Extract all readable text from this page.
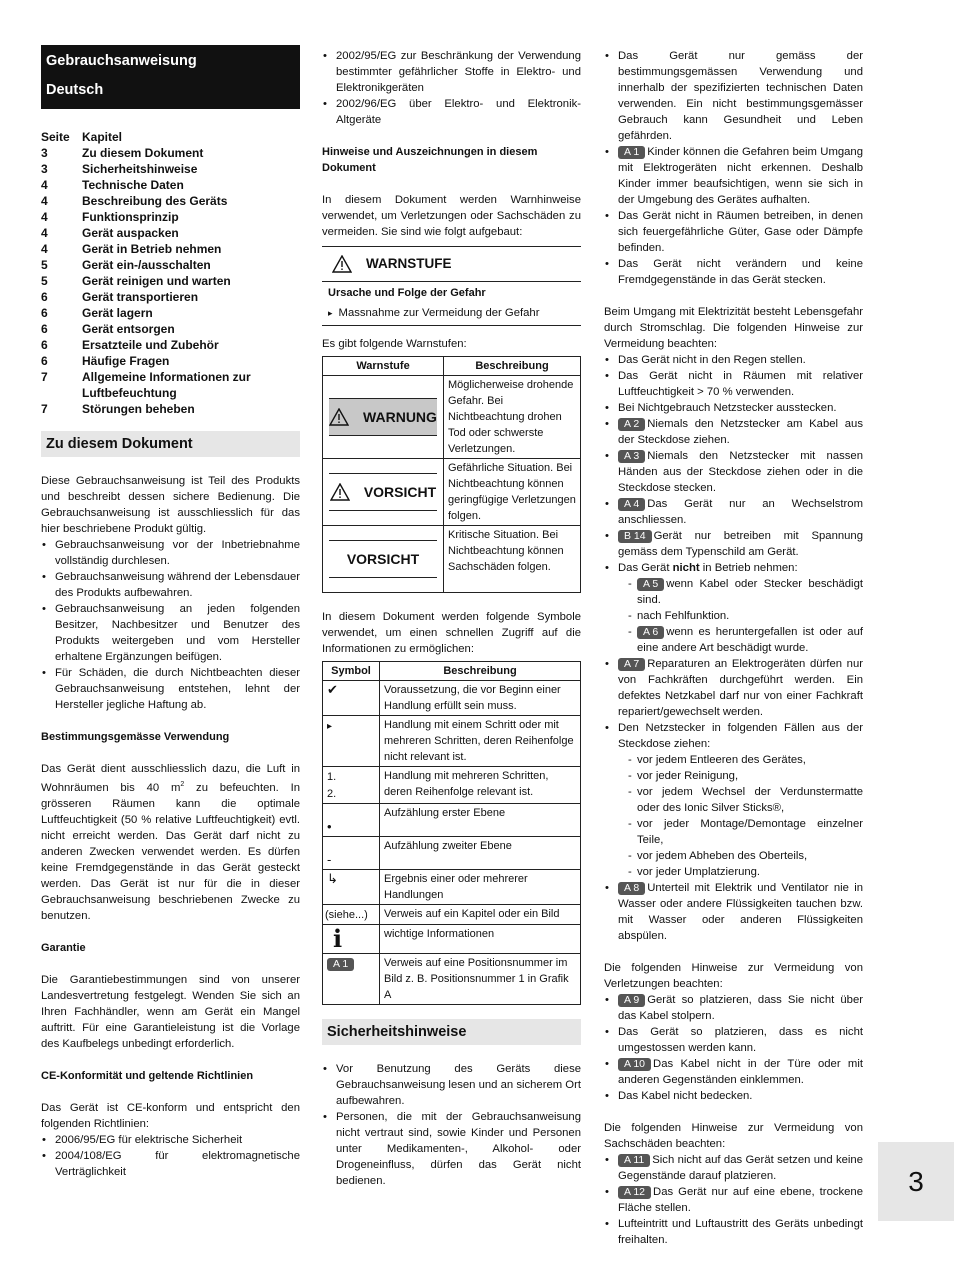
Gebrauchsanweisung
Deutsch
Seite	Kapitel
3	Zu diesem Dokument
3	Sicherheitshinweise
4	Technische Daten
4	Beschreibung des Geräts
4	Funktionsprinzip
4	Gerät auspacken
4	Gerät in Betrieb nehmen
5	Gerät ein-/ausschalten
5	Gerät reinigen und warten
6	Gerät transportieren
6	Gerät lagern
6	Gerät entsorgen
6	Ersatzteile und Zubehör
6	Häufige Fragen
7	Allgemeine Informationen zur Luftbefeuchtung
7	Störungen beheben
Zu diesem Dokument

Diese Gebrauchsanweisung ist Teil des Produkts und beschreibt dessen sichere Bedienung. Die Gebrauchsanweisung ist ausschliesslich für das hier beschriebene Produkt gültig.

• Gebrauchsanweisung vor der Inbetriebnahme vollständig durchlesen.
• Gebrauchsanweisung während der Lebensdauer des Produkts aufbewahren.
• Gebrauchsanweisung an jeden folgenden Besitzer, Nachbesitzer und Benutzer des Produkts weitergeben und vom Hersteller erhaltene Ergänzungen beifügen.
• Für Schäden, die durch Nichtbeachten dieser Gebrauchsanweisung entstehen, lehnt der Hersteller jegliche Haftung ab.

Bestimmungsgemässe Verwendung

Das Gerät dient ausschliesslich dazu, die Luft in Wohnräumen bis 40 $m^2$ zu befeuchten. In grösseren Räumen kann die optimale Luftfeuchtigkeit (50 % relative Luftfeuchtigkeit) evtl. nicht erreicht werden. Das Gerät darf nicht zu anderen Zwecken verwendet werden. Es dürfen keine Fremdgegenstände in das Gerät gesteckt werden. Das Gerät ist nur für die in dieser Gebrauchsanweisung beschriebenen Zwecke zu benutzen.

Garantie

Die Garantiebestimmungen sind von unserer Landesvertretung festgelegt. Wenden Sie sich an Ihren Fachhändler, wenn am Gerät ein Mangel auftritt. Für eine Garantieleistung ist die Vorlage des Kaufbelegs unbedingt erforderlich.

CE-Konformität und geltende Richtlinien

Das Gerät ist CE-konform und entspricht den folgenden Richtlinien:

• 2006/95/EG für elektrische Sicherheit
• 2004/108/EG für elektromagnetische Verträglichkeit
• 2002/95/EG zur Beschränkung der Verwendung bestimmter gefährlicher Stoffe in Elektro- und Elektronikgeräten
• 2002/96/EG über Elektro- und Elektronik-Altgeräte

Hinweise und Auszeichnungen in diesem Dokument

In diesem Dokument werden Warnhinweise verwendet, um Verletzungen oder Sachschäden zu vermeiden. Sie sind wie folgt aufgebaut:

WARNSTUFE
Ursache und Folge der Gefahr
▸ Massnahme zur Vermeidung der Gefahr

Es gibt folgende Warnstufen:

Warnstufe	Beschreibung

WARNUNG	Möglicherweise drohende Gefahr. Bei Nichtbeachtung drohen Tod oder schwerste Verletzungen.

VORSICHT	Gefährliche Situation. Bei Nichtbeachtung können geringfügige Verletzungen folgen.

VORSICHT	Kritische Situation. Bei Nichtbeachtung können Sachschäden folgen.

In diesem Dokument werden folgende Symbole verwendet, um einen schnellen Zugriff auf die Informationen zu ermöglichen:

Symbol	Beschreibung
✔	Voraussetzung, die vor Beginn einer Handlung erfüllt sein muss.
▸	Handlung mit einem Schritt oder mit mehreren Schritten, deren Reihenfolge nicht relevant ist.
1.
2.	Handlung mit mehreren Schritten, deren Reihenfolge relevant ist.

•	Aufzählung erster Ebene

-	Aufzählung zweiter Ebene
↳	Ergebnis einer oder mehrerer Handlungen
(siehe...)	Verweis auf ein Kapitel oder ein Bild
i	wichtige Informationen
A 1	Verweis auf eine Positionsnummer im Bild z. B. Positionsnummer 1 in Grafik A
Sicherheitshinweise
• Vor Benutzung des Geräts diese Gebrauchsanweisung lesen und an sicherem Ort aufbewahren.
• Personen, die mit der Gebrauchsanweisung nicht vertraut sind, sowie Kinder und Personen unter Medikamenten-, Alkohol- oder Drogeneinfluss, dürfen das Gerät nicht bedienen.
• Das Gerät nur gemäss der bestimmungsgemässen Verwendung und innerhalb der spezifizierten technischen Daten verwenden. Ein nicht bestimmungsgemässer Gebrauch kann Gesundheit und Leben gefährden.
• A 1 Kinder können die Gefahren beim Umgang mit Elektrogeräten nicht erkennen. Deshalb Kinder immer beaufsichtigen, wenn sie sich in der Umgebung des Gerätes aufhalten.
• Das Gerät nicht in Räumen betreiben, in denen sich feuergefährliche Güter, Gase oder Dämpfe befinden.
• Das Gerät nicht verändern und keine Fremdgegenstände in das Gerät stecken.

Beim Umgang mit Elektrizität besteht Lebensgefahr durch Stromschlag. Die folgenden Hinweise zur Vermeidung beachten:

• Das Gerät nicht in den Regen stellen.
• Das Gerät nicht in Räumen mit relativer Luftfeuchtigkeit > 70 % verwenden.
• Bei Nichtgebrauch Netzstecker ausstecken.
• A 2 Niemals den Netzstecker am Kabel aus der Steckdose ziehen.
• A 3 Niemals den Netzstecker mit nassen Händen aus der Steckdose ziehen oder in die Steckdose stecken.
• A 4 Das Gerät nur an Wechselstrom anschliessen.
• B 14 Gerät nur betreiben mit Spannung gemäss dem Typenschild am Gerät.
• Das Gerät nicht in Betrieb nehmen:
- A 5 wenn Kabel oder Stecker beschädigt sind.
- nach Fehlfunktion.
- A 6 wenn es heruntergefallen ist oder auf eine andere Art beschädigt wurde.
• A 7 Reparaturen an Elektrogeräten dürfen nur von Fachkräften durchgeführt werden. Ein defektes Netzkabel darf nur von einer Fachkraft repariert/gewechselt werden.
• Den Netzstecker in folgenden Fällen aus der Steckdose ziehen:
- vor jedem Entleeren des Gerätes,
- vor jeder Reinigung,
- vor jedem Wechsel der Verdunstermatte oder des Ionic Silver Sticks®,
- vor jeder Montage/Demontage einzelner Teile,
- vor jedem Abheben des Oberteils,
- vor jeder Umplatzierung.
• A 8 Unterteil mit Elektrik und Ventilator nie in Wasser oder andere Flüssigkeiten tauchen bzw. mit Wasser oder anderen Flüssigkeiten abspülen.

Die folgenden Hinweise zur Vermeidung von Verletzungen beachten:

• A 9 Gerät so platzieren, dass Sie nicht über das Kabel stolpern.
• Das Gerät so platzieren, dass es nicht umgestossen werden kann.
• A 10 Das Kabel nicht in der Türe oder mit anderen Gegenständen einklemmen.
• Das Kabel nicht bedecken.

Die folgenden Hinweise zur Vermeidung von Sachschäden beachten:

• A 11 Sich nicht auf das Gerät setzen und keine Gegenstände darauf platzieren.
• A 12 Das Gerät nur auf eine ebene, trockene Fläche stellen.
• Lufteintritt und Luftaustritt des Geräts unbedingt freihalten.
3
